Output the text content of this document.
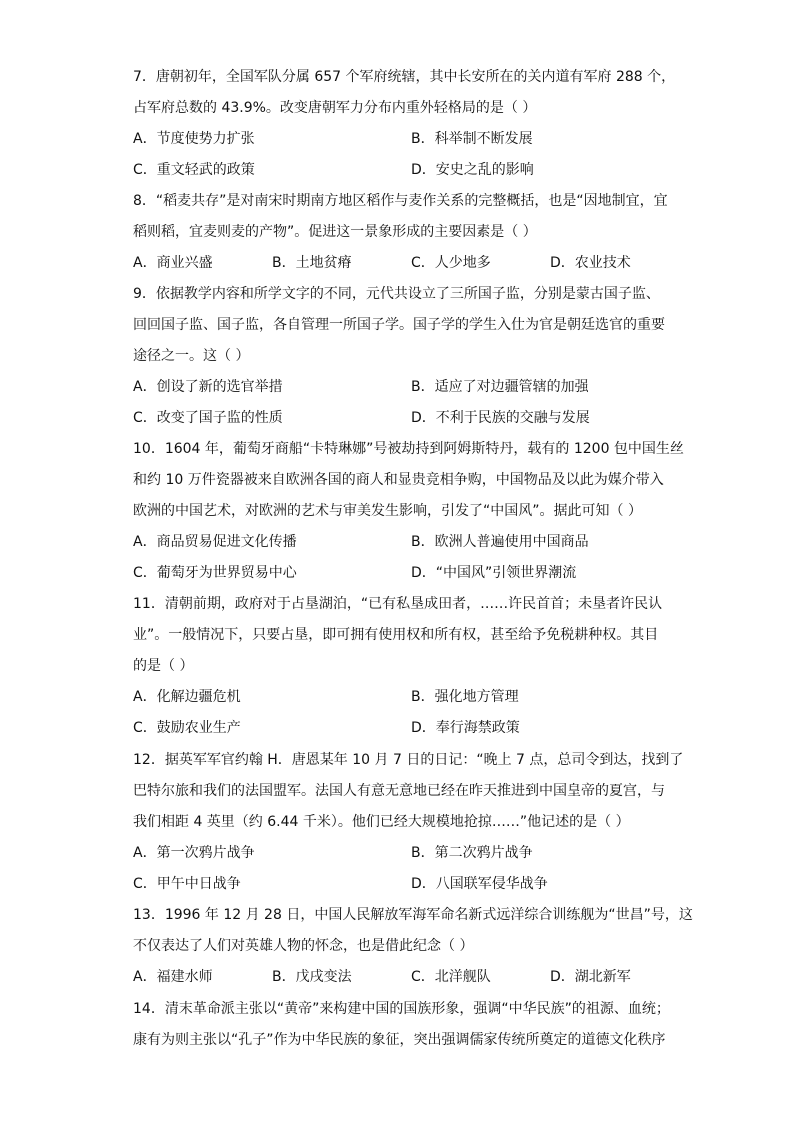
7．唐朝初年，全国军队分属 657 个军府统辖，其中长安所在的关内道有军府 288 个，

占军府总数的 43.9%。改变唐朝军力分布内重外轻格局的是（ ）

A．节度使势力扩张	B．科举制不断发展
C．重文轻武的政策	D．安史之乱的影响

8．“稻麦共存”是对南宋时期南方地区稻作与麦作关系的完整概括，也是“因地制宜，宜

稻则稻，宜麦则麦的产物”。促进这一景象形成的主要因素是（ ）

A．商业兴盛	B．土地贫瘠	C．人少地多	D．农业技术

9．依据教学内容和所学文字的不同，元代共设立了三所国子监，分别是蒙古国子监、

回回国子监、国子监，各自管理一所国子学。国子学的学生入仕为官是朝廷选官的重要

途径之一。这（ ）

A．创设了新的选官举措	B．适应了对边疆管辖的加强
C．改变了国子监的性质	D．不利于民族的交融与发展

10．1604 年，葡萄牙商船“卡特琳娜”号被劫持到阿姆斯特丹，载有的 1200 包中国生丝

和约 10 万件瓷器被来自欧洲各国的商人和显贵竞相争购，中国物品及以此为媒介带入

欧洲的中国艺术，对欧洲的艺术与审美发生影响，引发了“中国风”。据此可知（ ）

A．商品贸易促进文化传播	B．欧洲人普遍使用中国商品
C．葡萄牙为世界贸易中心	D．“中国风”引领世界潮流

11．清朝前期，政府对于占垦湖泊，“已有私垦成田者，……许民首首；未垦者许民认

业”。一般情况下，只要占垦，即可拥有使用权和所有权，甚至给予免税耕种权。其目

的是（ ）

A．化解边疆危机	B．强化地方管理
C．鼓励农业生产	D．奉行海禁政策

12．据英军军官约翰 H．唐恩某年 10 月 7 日的日记：“晚上 7 点，总司令到达，找到了

巴特尔旅和我们的法国盟军。法国人有意无意地已经在昨天推进到中国皇帝的夏宫，与

我们相距 4 英里（约 6.44 千米）。他们已经大规模地抢掠……”他记述的是（ ）

A．第一次鸦片战争	B．第二次鸦片战争
C．甲午中日战争	D．八国联军侵华战争

13．1996 年 12 月 28 日，中国人民解放军海军命名新式远洋综合训练舰为“世昌”号，这

不仅表达了人们对英雄人物的怀念，也是借此纪念（ ）

A．福建水师	B．戊戌变法	C．北洋舰队	D．湖北新军

14．清末革命派主张以“黄帝”来构建中国的国族形象，强调“中华民族”的祖源、血统；

康有为则主张以“孔子”作为中华民族的象征，突出强调儒家传统所奠定的道德文化秩序
